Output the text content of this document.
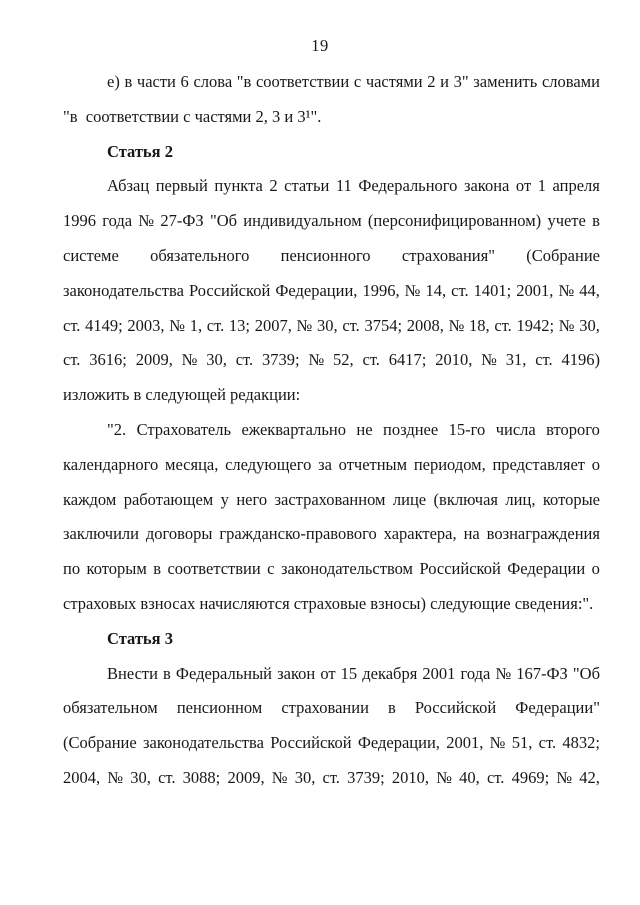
19
е) в части 6 слова "в соответствии с частями 2 и 3" заменить словами
"в  соответствии с частями 2, 3 и 3¹".
Статья 2
Абзац первый пункта 2 статьи 11 Федерального закона от 1 апреля
1996 года № 27-ФЗ "Об индивидуальном (персонифицированном) учете в
системе обязательного пенсионного страхования" (Собрание
законодательства Российской Федерации, 1996, № 14, ст. 1401; 2001, № 44,
ст. 4149; 2003, № 1, ст. 13; 2007, № 30, ст. 3754; 2008, № 18, ст. 1942; № 30,
ст. 3616; 2009, № 30, ст. 3739; № 52, ст. 6417; 2010, № 31, ст. 4196)
изложить в следующей редакции:
"2. Страхователь ежеквартально не позднее 15-го числа второго
календарного месяца, следующего за отчетным периодом, представляет о
каждом работающем у него застрахованном лице (включая лиц, которые
заключили договоры гражданско-правового характера, на вознаграждения
по которым в соответствии с законодательством Российской Федерации о
страховых взносах начисляются страховые взносы) следующие сведения:".
Статья 3
Внести в Федеральный закон от 15 декабря 2001 года № 167-ФЗ "Об
обязательном пенсионном страховании в Российской Федерации"
(Собрание законодательства Российской Федерации, 2001, № 51, ст. 4832;
2004, № 30, ст. 3088; 2009, № 30, ст. 3739; 2010, № 40, ст. 4969; № 42,
